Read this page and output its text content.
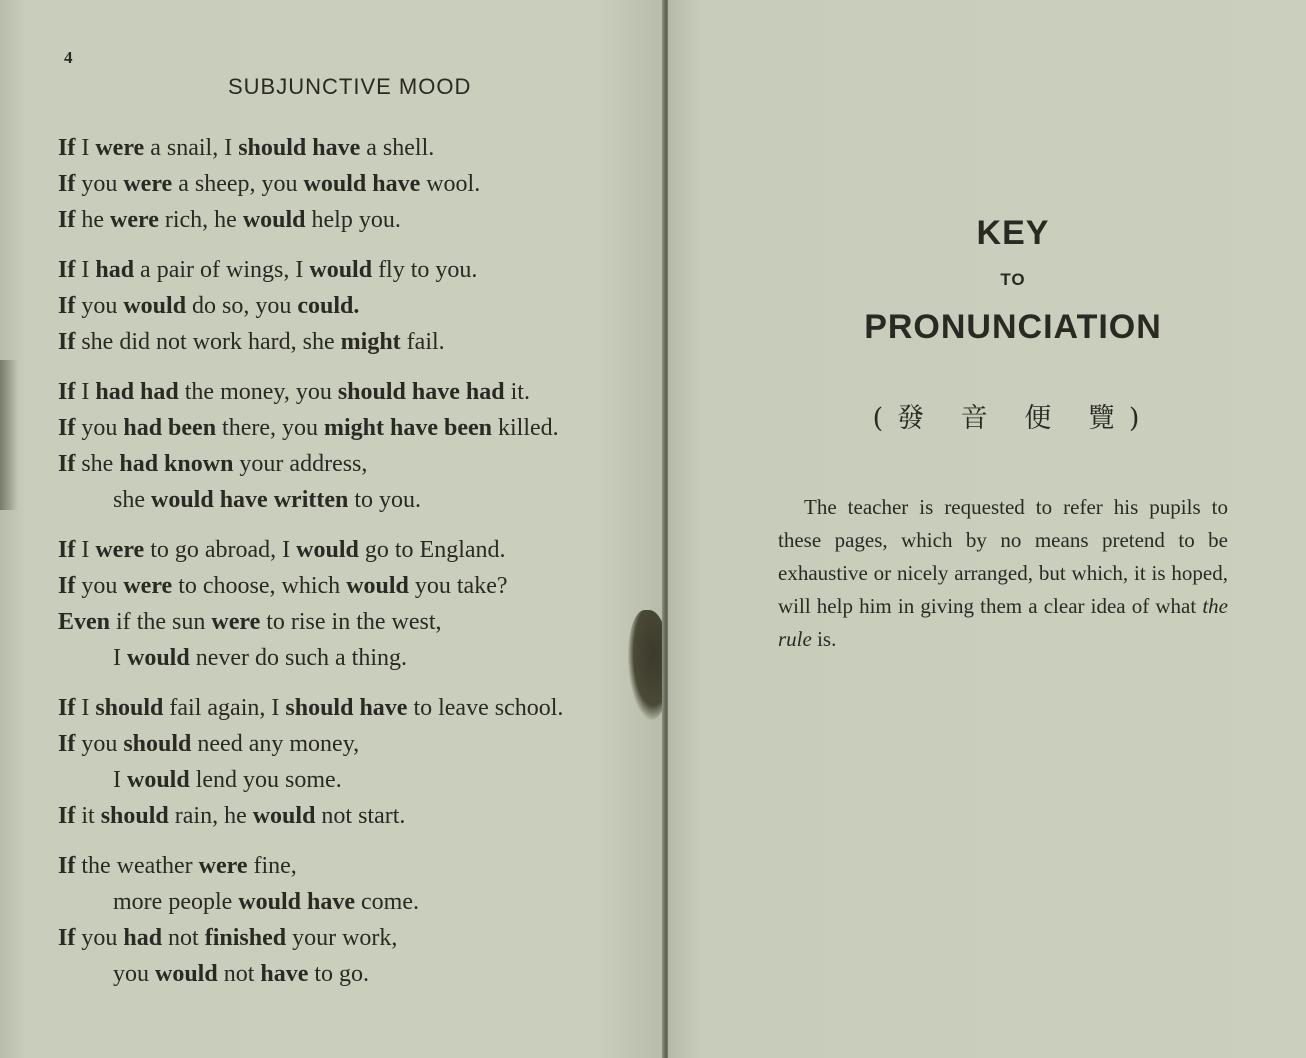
4
SUBJUNCTIVE MOOD
If I were a snail, I should have a shell.
If you were a sheep, you would have wool.
If he were rich, he would help you.
If I had a pair of wings, I would fly to you.
If you would do so, you could.
If she did not work hard, she might fail.
If I had had the money, you should have had it.
If you had been there, you might have been killed.
If she had known your address,
she would have written to you.
If I were to go abroad, I would go to England.
If you were to choose, which would you take?
Even if the sun were to rise in the west,
I would never do such a thing.
If I should fail again, I should have to leave school.
If you should need any money,
I would lend you some.
If it should rain, he would not start.
If the weather were fine,
more people would have come.
If you had not finished your work,
you would not have to go.
KEY
TO
PRONUNCIATION
(發 音 便 覽)

The teacher is requested to refer his pupils to these pages, which by no means pretend to be exhaustive or nicely arranged, but which, it is hoped, will help him in giving them a clear idea of what the rule is.
